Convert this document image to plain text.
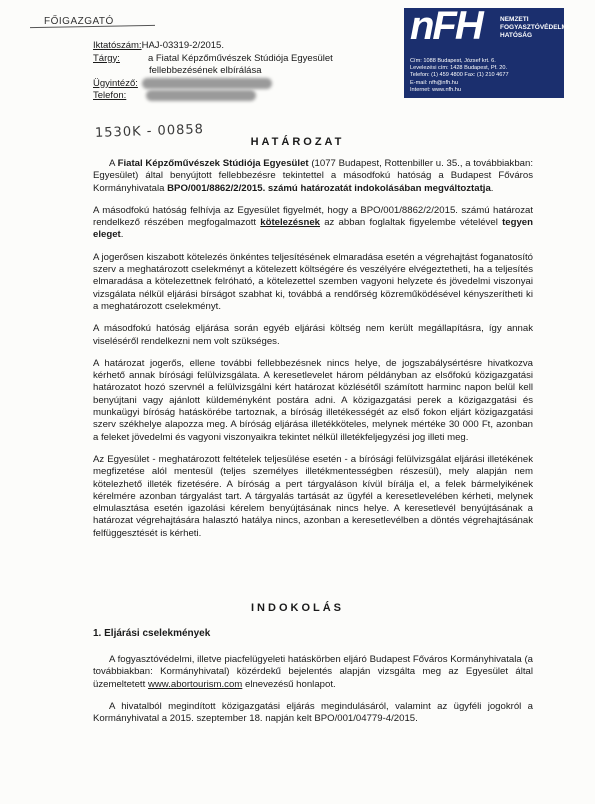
FŐIGAZGATÓ	nFH	NEMZETI
FOGYASZTÓVÉDELMI
HATÓSÁG
Cím: 1088 Budapest, József krt. 6.
Levelezési cím: 1428 Budapest, Pf. 20.
Telefon: (1) 459 4800 Fax: (1) 210 4677
E-mail: nfh@nfh.hu
Internet: www.nfh.hu
Iktatószám: HAJ-03319-2/2015.
Tárgy:	a Fiatal Képzőművészek Stúdiója Egyesület
fellebbezésének elbírálása
Ügyintéző:
Telefon:
1530K - 00858
HATÁROZAT

A Fiatal Képzőművészek Stúdiója Egyesület (1077 Budapest, Rottenbiller u. 35., a továbbiakban: Egyesület) által benyújtott fellebbezésre tekintettel a másodfokú hatóság a Budapest Főváros Kormányhivatala BPO/001/8862/2/2015. számú határozatát indokolásában megváltoztatja.

A másodfokú hatóság felhívja az Egyesület figyelmét, hogy a BPO/001/8862/2/2015. számú határozat rendelkező részében megfogalmazott kötelezésnek az abban foglaltak figyelembe vételével tegyen eleget.

A jogerősen kiszabott kötelezés önkéntes teljesítésének elmaradása esetén a végrehajtást foganatosító szerv a meghatározott cselekményt a kötelezett költségére és veszélyére elvégeztetheti, ha a teljesítés elmaradása a kötelezettnek felróható, a kötelezettel szemben vagyoni helyzete és jövedelmi viszonyai vizsgálata nélkül eljárási bírságot szabhat ki, továbbá a rendőrség közreműködésével kényszerítheti ki a meghatározott cselekményt.

A másodfokú hatóság eljárása során egyéb eljárási költség nem került megállapításra, így annak viseléséről rendelkezni nem volt szükséges.

A határozat jogerős, ellene további fellebbezésnek nincs helye, de jogszabálysértésre hivatkozva kérhető annak bírósági felülvizsgálata. A keresetlevelet három példányban az elsőfokú közigazgatási határozatot hozó szervnél a felülvizsgálni kért határozat közlésétől számított harminc napon belül kell benyújtani vagy ajánlott küldeményként postára adni. A közigazgatási perek a közigazgatási és munkaügyi bíróság hatáskörébe tartoznak, a bíróság illetékességét az első fokon eljárt közigazgatási szerv székhelye alapozza meg. A bíróság eljárása illetékköteles, melynek mértéke 30 000 Ft, azonban a feleket jövedelmi és vagyoni viszonyaikra tekintet nélkül illetékfeljegyzési jog illeti meg.

Az Egyesület - meghatározott feltételek teljesülése esetén - a bírósági felülvizsgálat eljárási illetékének megfizetése alól mentesül (teljes személyes illetékmentességben részesül), mely alapján nem kötelezhető illeték fizetésére. A bíróság a pert tárgyaláson kívül bírálja el, a felek bármelyikének kérelmére azonban tárgyalást tart. A tárgyalás tartását az ügyfél a keresetlevelében kérheti, melynek elmulasztása esetén igazolási kérelem benyújtásának nincs helye. A keresetlevél benyújtásának a határozat végrehajtására halasztó hatálya nincs, azonban a keresetlevélben a döntés végrehajtásának felfüggesztését is kérheti.

INDOKOLÁS
1. Eljárási cselekmények

A fogyasztóvédelmi, illetve piacfelügyeleti hatáskörben eljáró Budapest Főváros Kormányhivatala (a továbbiakban: Kormányhivatal) közérdekű bejelentés alapján vizsgálta meg az Egyesület által üzemeltetett www.abortourism.com elnevezésű honlapot.

A hivatalból megindított közigazgatási eljárás megindulásáról, valamint az ügyféli jogokról a Kormányhivatal a 2015. szeptember 18. napján kelt BPO/001/04779-4/2015.
